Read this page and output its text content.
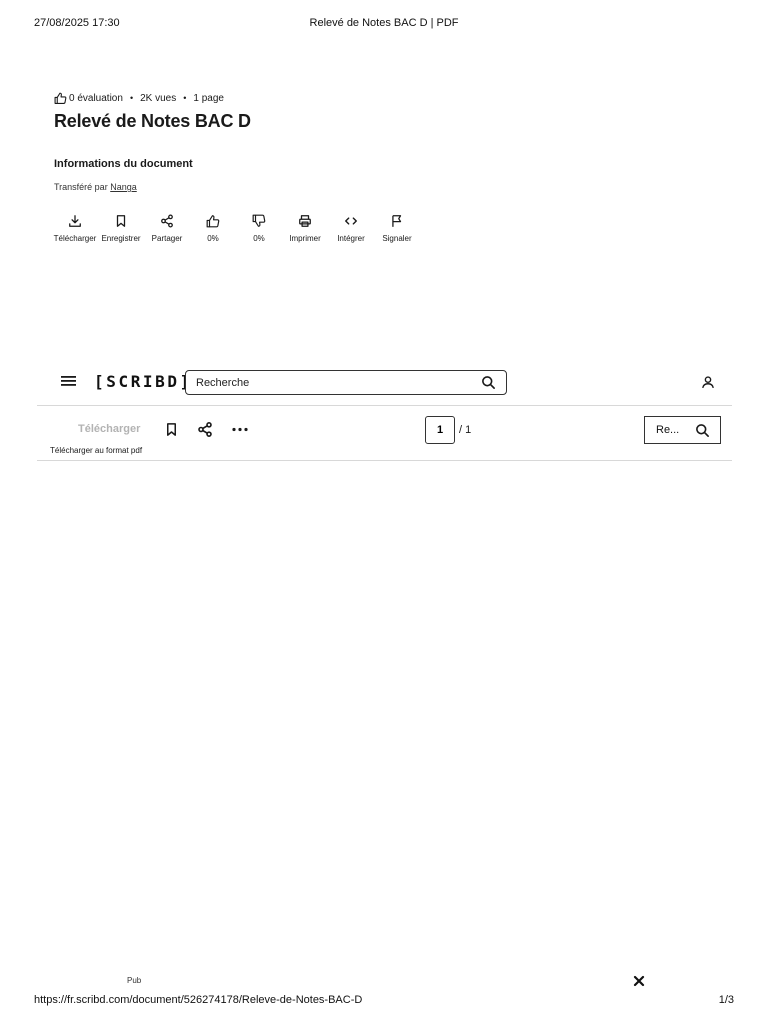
27/08/2025 17:30	Relevé de Notes BAC D | PDF
0 évaluation • 2K vues • 1 page
Relevé de Notes BAC D
Informations du document
Transféré par Nanga
Télécharger Enregistrer Partager	0%	0%	Imprimer Intégrer Signaler
[SCRIBD]
Recherche
Télécharger
1	/ 1	Re...
Télécharger au format pdf
Pub
https://fr.scribd.com/document/526274178/Releve-de-Notes-BAC-D	1/3
